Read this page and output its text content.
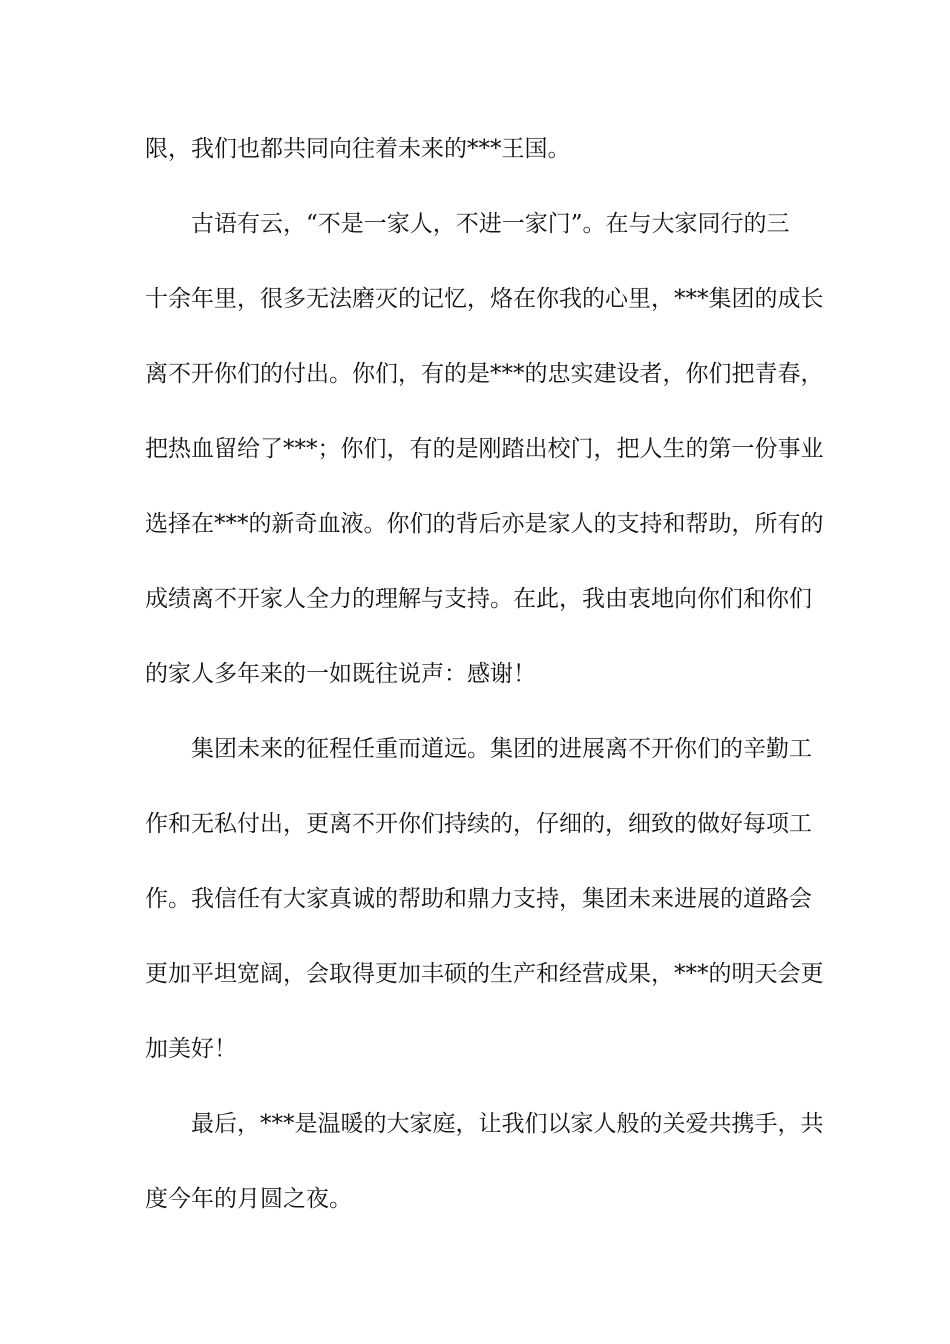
限，我们也都共同向往着未来的***王国。
古语有云，“不是一家人，不进一家门”。在与大家同行的三
十余年里，很多无法磨灭的记忆，烙在你我的心里，***集团的成长
离不开你们的付出。你们，有的是***的忠实建设者，你们把青春，
把热血留给了***；你们，有的是刚踏出校门，把人生的第一份事业
选择在***的新奇血液。你们的背后亦是家人的支持和帮助，所有的
成绩离不开家人全力的理解与支持。在此，我由衷地向你们和你们
的家人多年来的一如既往说声：感谢！
集团未来的征程任重而道远。集团的进展离不开你们的辛勤工
作和无私付出，更离不开你们持续的，仔细的，细致的做好每项工
作。我信任有大家真诚的帮助和鼎力支持，集团未来进展的道路会
更加平坦宽阔，会取得更加丰硕的生产和经营成果，***的明天会更
加美好！
最后，***是温暖的大家庭，让我们以家人般的关爱共携手，共
度今年的月圆之夜。
